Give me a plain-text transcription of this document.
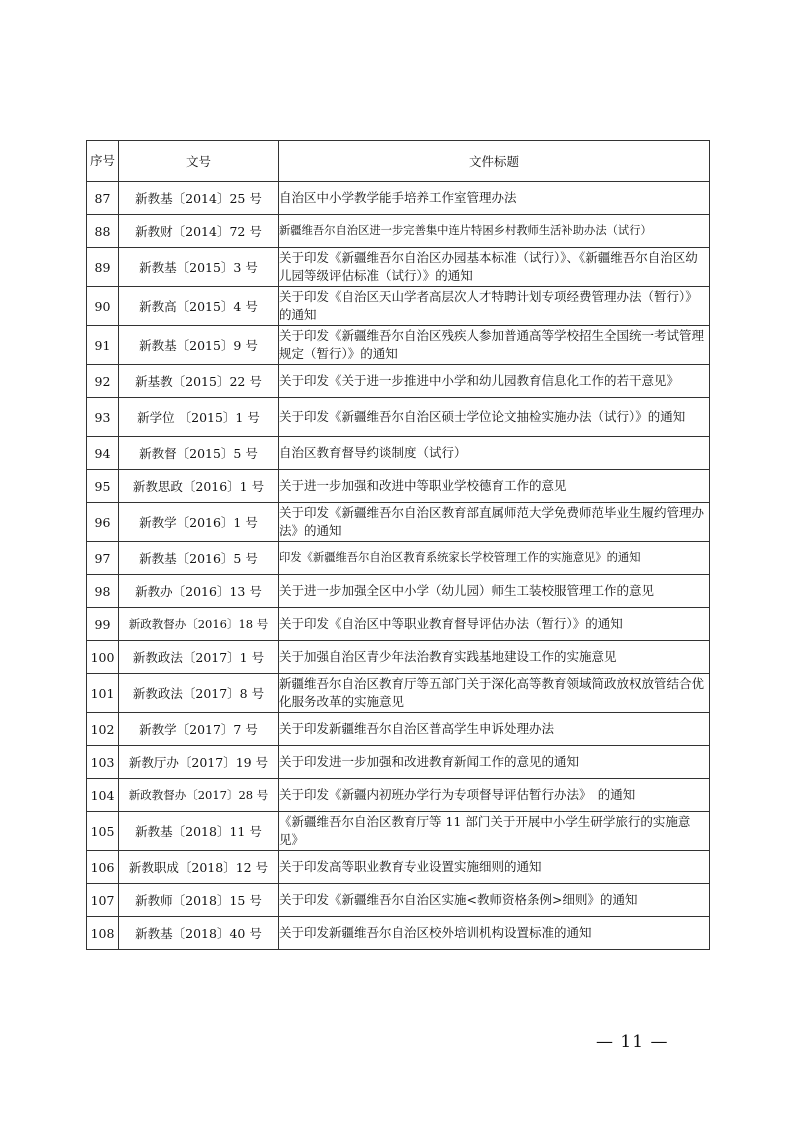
序号	文号	文件标题
87	新教基〔2014〕25 号	自治区中小学教学能手培养工作室管理办法
88	新教财〔2014〕72 号	新疆维吾尔自治区进一步完善集中连片特困乡村教师生活补助办法（试行）
89	新教基〔2015〕3 号	关于印发《新疆维吾尔自治区办园基本标准（试行）》、《新疆维吾尔自治区幼儿园等级评估标准（试行）》的通知
90	新教高〔2015〕4 号	关于印发《自治区天山学者高层次人才特聘计划专项经费管理办法（暂行）》的通知
91	新教基〔2015〕9 号	关于印发《新疆维吾尔自治区残疾人参加普通高等学校招生全国统一考试管理规定（暂行）》的通知
92	新基教〔2015〕22 号	关于印发《关于进一步推进中小学和幼儿园教育信息化工作的若干意见》
93	新学位 〔2015〕1 号	关于印发《新疆维吾尔自治区硕士学位论文抽检实施办法（试行）》的通知
94	新教督〔2015〕5 号	自治区教育督导约谈制度（试行）
95	新教思政〔2016〕1 号	关于进一步加强和改进中等职业学校德育工作的意见
96	新教学〔2016〕1 号	关于印发《新疆维吾尔自治区教育部直属师范大学免费师范毕业生履约管理办法》的通知
97	新教基〔2016〕5 号	印发《新疆维吾尔自治区教育系统家长学校管理工作的实施意见》的通知
98	新教办〔2016〕13 号	关于进一步加强全区中小学（幼儿园）师生工装校服管理工作的意见
99	新政教督办〔2016〕18 号	关于印发《自治区中等职业教育督导评估办法（暂行）》的通知
100	新教政法〔2017〕1 号	关于加强自治区青少年法治教育实践基地建设工作的实施意见
101	新教政法〔2017〕8 号	新疆维吾尔自治区教育厅等五部门关于深化高等教育领域简政放权放管结合优化服务改革的实施意见
102	新教学〔2017〕7 号	关于印发新疆维吾尔自治区普高学生申诉处理办法
103	新教厅办〔2017〕19 号	关于印发进一步加强和改进教育新闻工作的意见的通知
104	新政教督办〔2017〕28 号	关于印发《新疆内初班办学行为专项督导评估暂行办法》　的通知
105	新教基〔2018〕11 号	《新疆维吾尔自治区教育厅等 11 部门关于开展中小学生研学旅行的实施意见》
106	新教职成〔2018〕12 号	关于印发高等职业教育专业设置实施细则的通知
107	新教师〔2018〕15 号	关于印发《新疆维吾尔自治区实施<教师资格条例>细则》的通知
108	新教基〔2018〕40 号	关于印发新疆维吾尔自治区校外培训机构设置标准的通知
— 11 —
